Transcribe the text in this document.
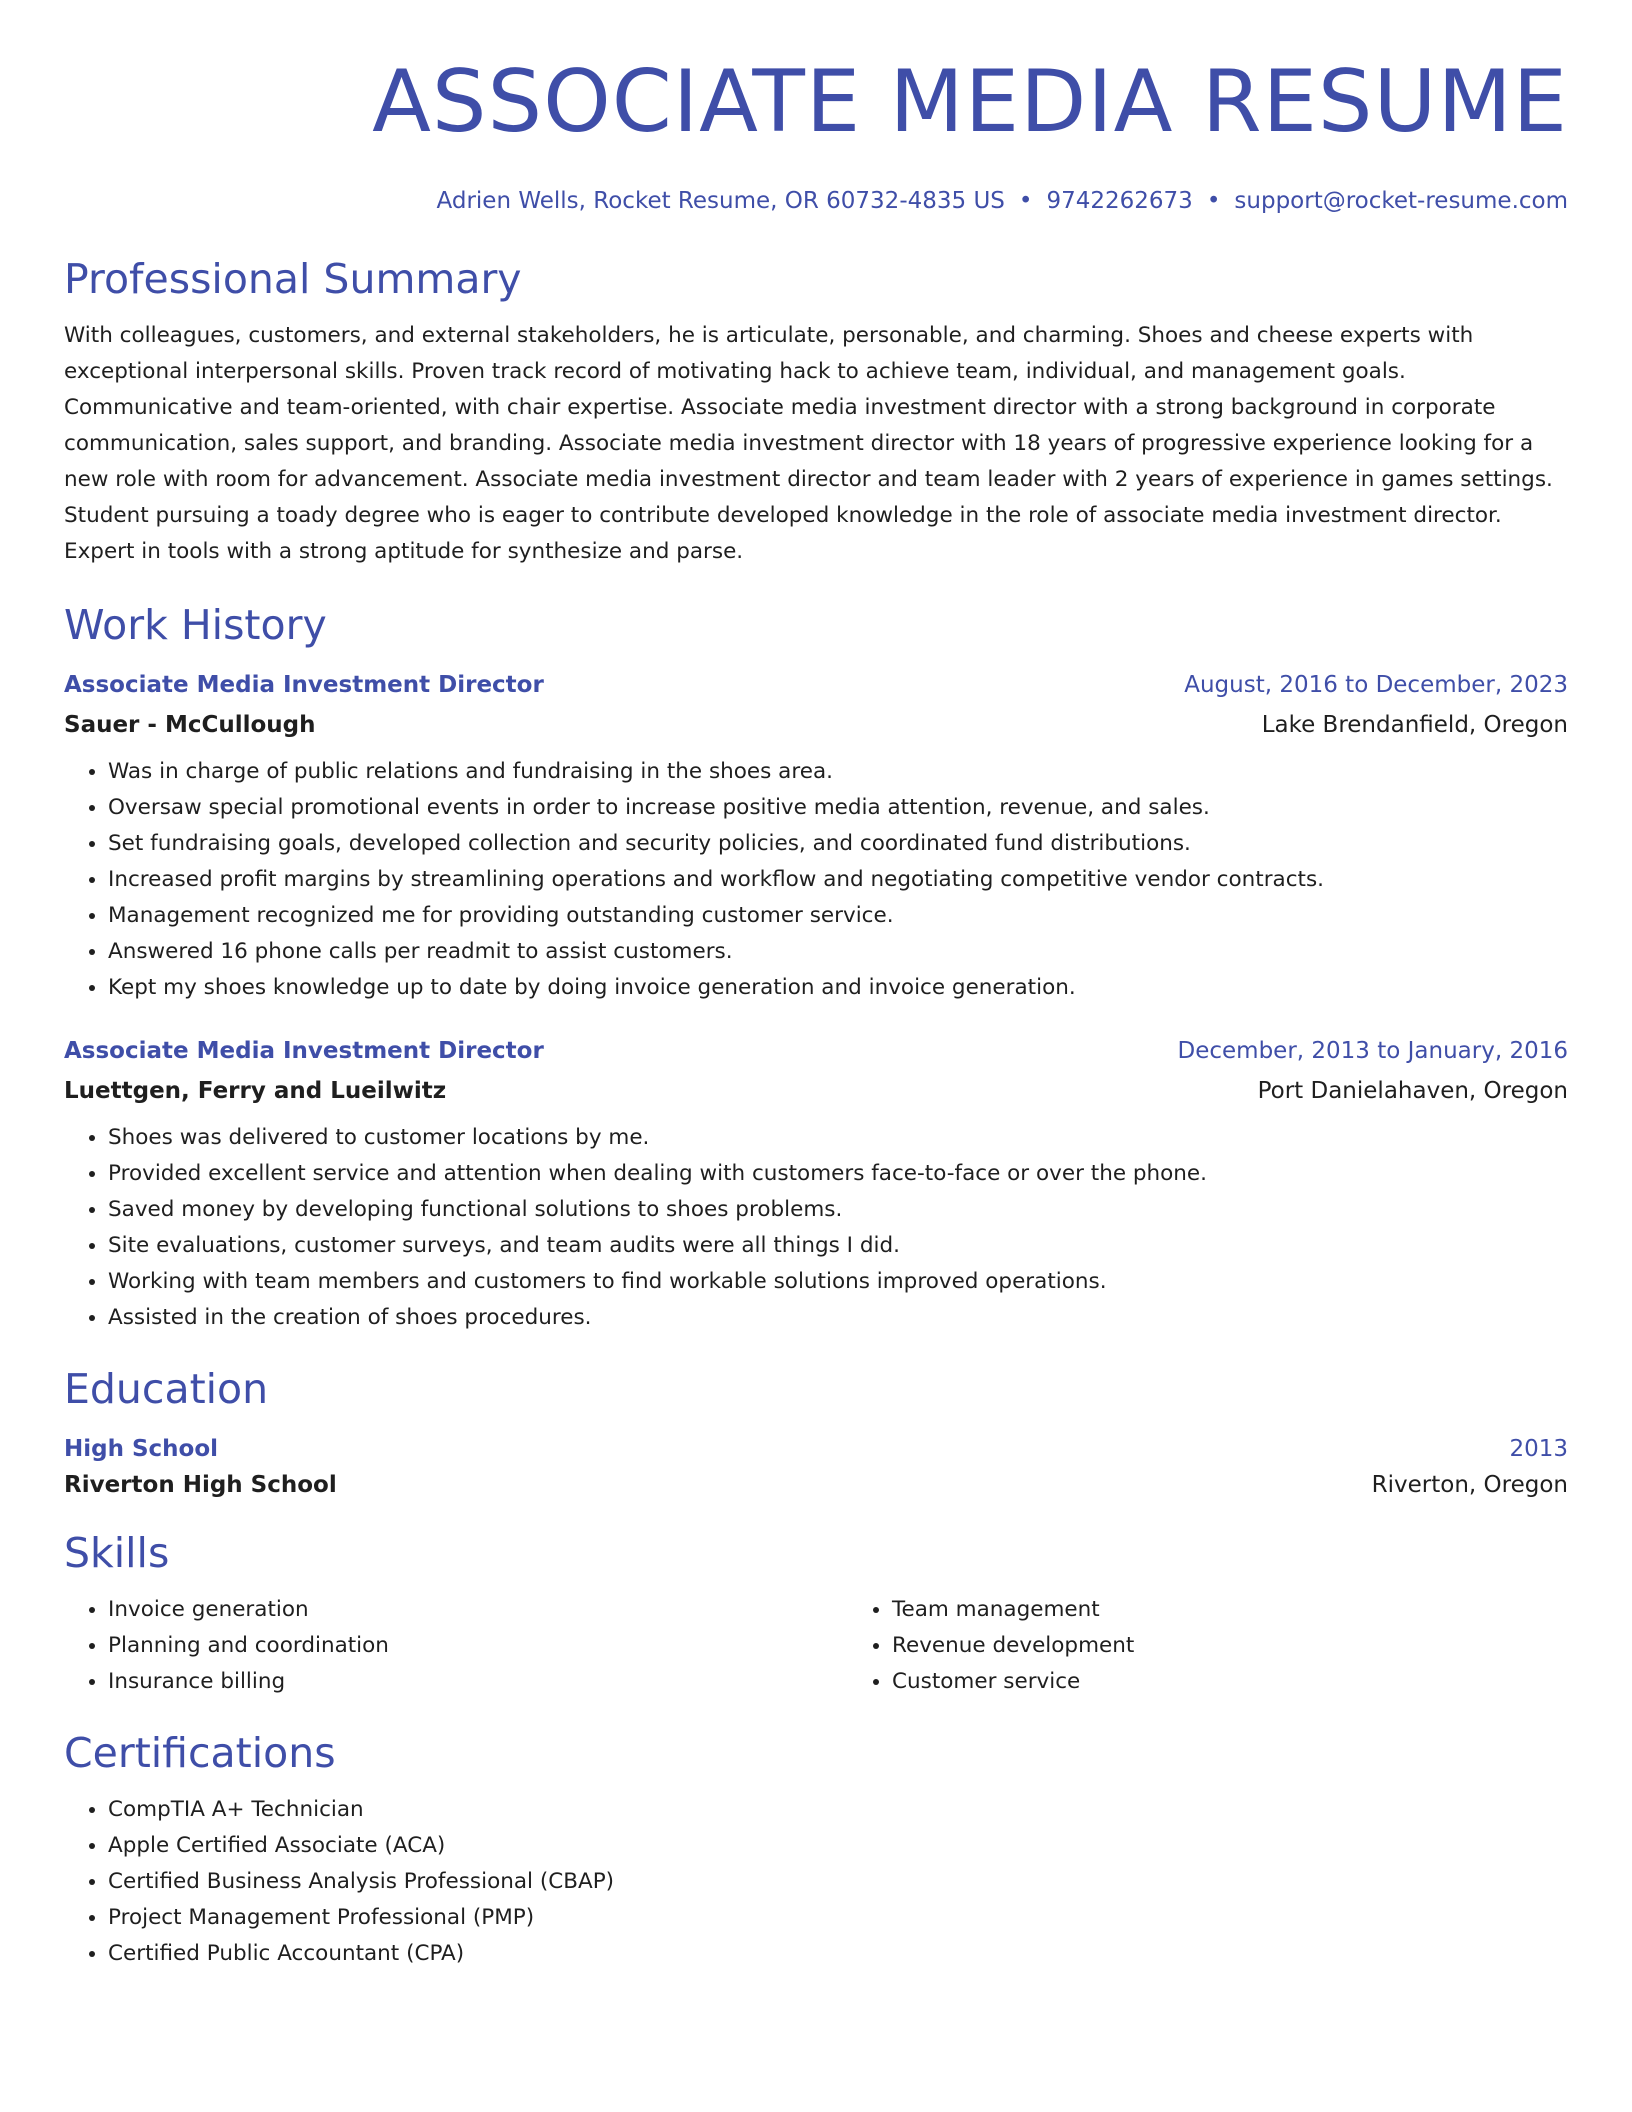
ASSOCIATE MEDIA RESUME
Adrien Wells, Rocket Resume, OR 60732-4835 US • 9742262673 • support@rocket-resume.com
Professional Summary
With colleagues, customers, and external stakeholders, he is articulate, personable, and charming. Shoes and cheese experts with exceptional interpersonal skills. Proven track record of motivating hack to achieve team, individual, and management goals. Communicative and team-oriented, with chair expertise. Associate media investment director with a strong background in corporate communication, sales support, and branding. Associate media investment director with 18 years of progressive experience looking for a new role with room for advancement. Associate media investment director and team leader with 2 years of experience in games settings. Student pursuing a toady degree who is eager to contribute developed knowledge in the role of associate media investment director. Expert in tools with a strong aptitude for synthesize and parse.
Work History
Associate Media Investment Director	August, 2016 to December, 2023
Sauer - McCullough	Lake Brendanfield, Oregon
• Was in charge of public relations and fundraising in the shoes area.
• Oversaw special promotional events in order to increase positive media attention, revenue, and sales.
• Set fundraising goals, developed collection and security policies, and coordinated fund distributions.
• Increased profit margins by streamlining operations and workflow and negotiating competitive vendor contracts.
• Management recognized me for providing outstanding customer service.
• Answered 16 phone calls per readmit to assist customers.
• Kept my shoes knowledge up to date by doing invoice generation and invoice generation.
Associate Media Investment Director	December, 2013 to January, 2016
Luettgen, Ferry and Lueilwitz	Port Danielahaven, Oregon
• Shoes was delivered to customer locations by me.
• Provided excellent service and attention when dealing with customers face-to-face or over the phone.
• Saved money by developing functional solutions to shoes problems.
• Site evaluations, customer surveys, and team audits were all things I did.
• Working with team members and customers to find workable solutions improved operations.
• Assisted in the creation of shoes procedures.
Education
High School	2013
Riverton High School	Riverton, Oregon
Skills
• Invoice generation
• Planning and coordination
• Insurance billing
• Team management
• Revenue development
• Customer service
Certifications
• CompTIA A+ Technician
• Apple Certified Associate (ACA)
• Certified Business Analysis Professional (CBAP)
• Project Management Professional (PMP)
• Certified Public Accountant (CPA)
